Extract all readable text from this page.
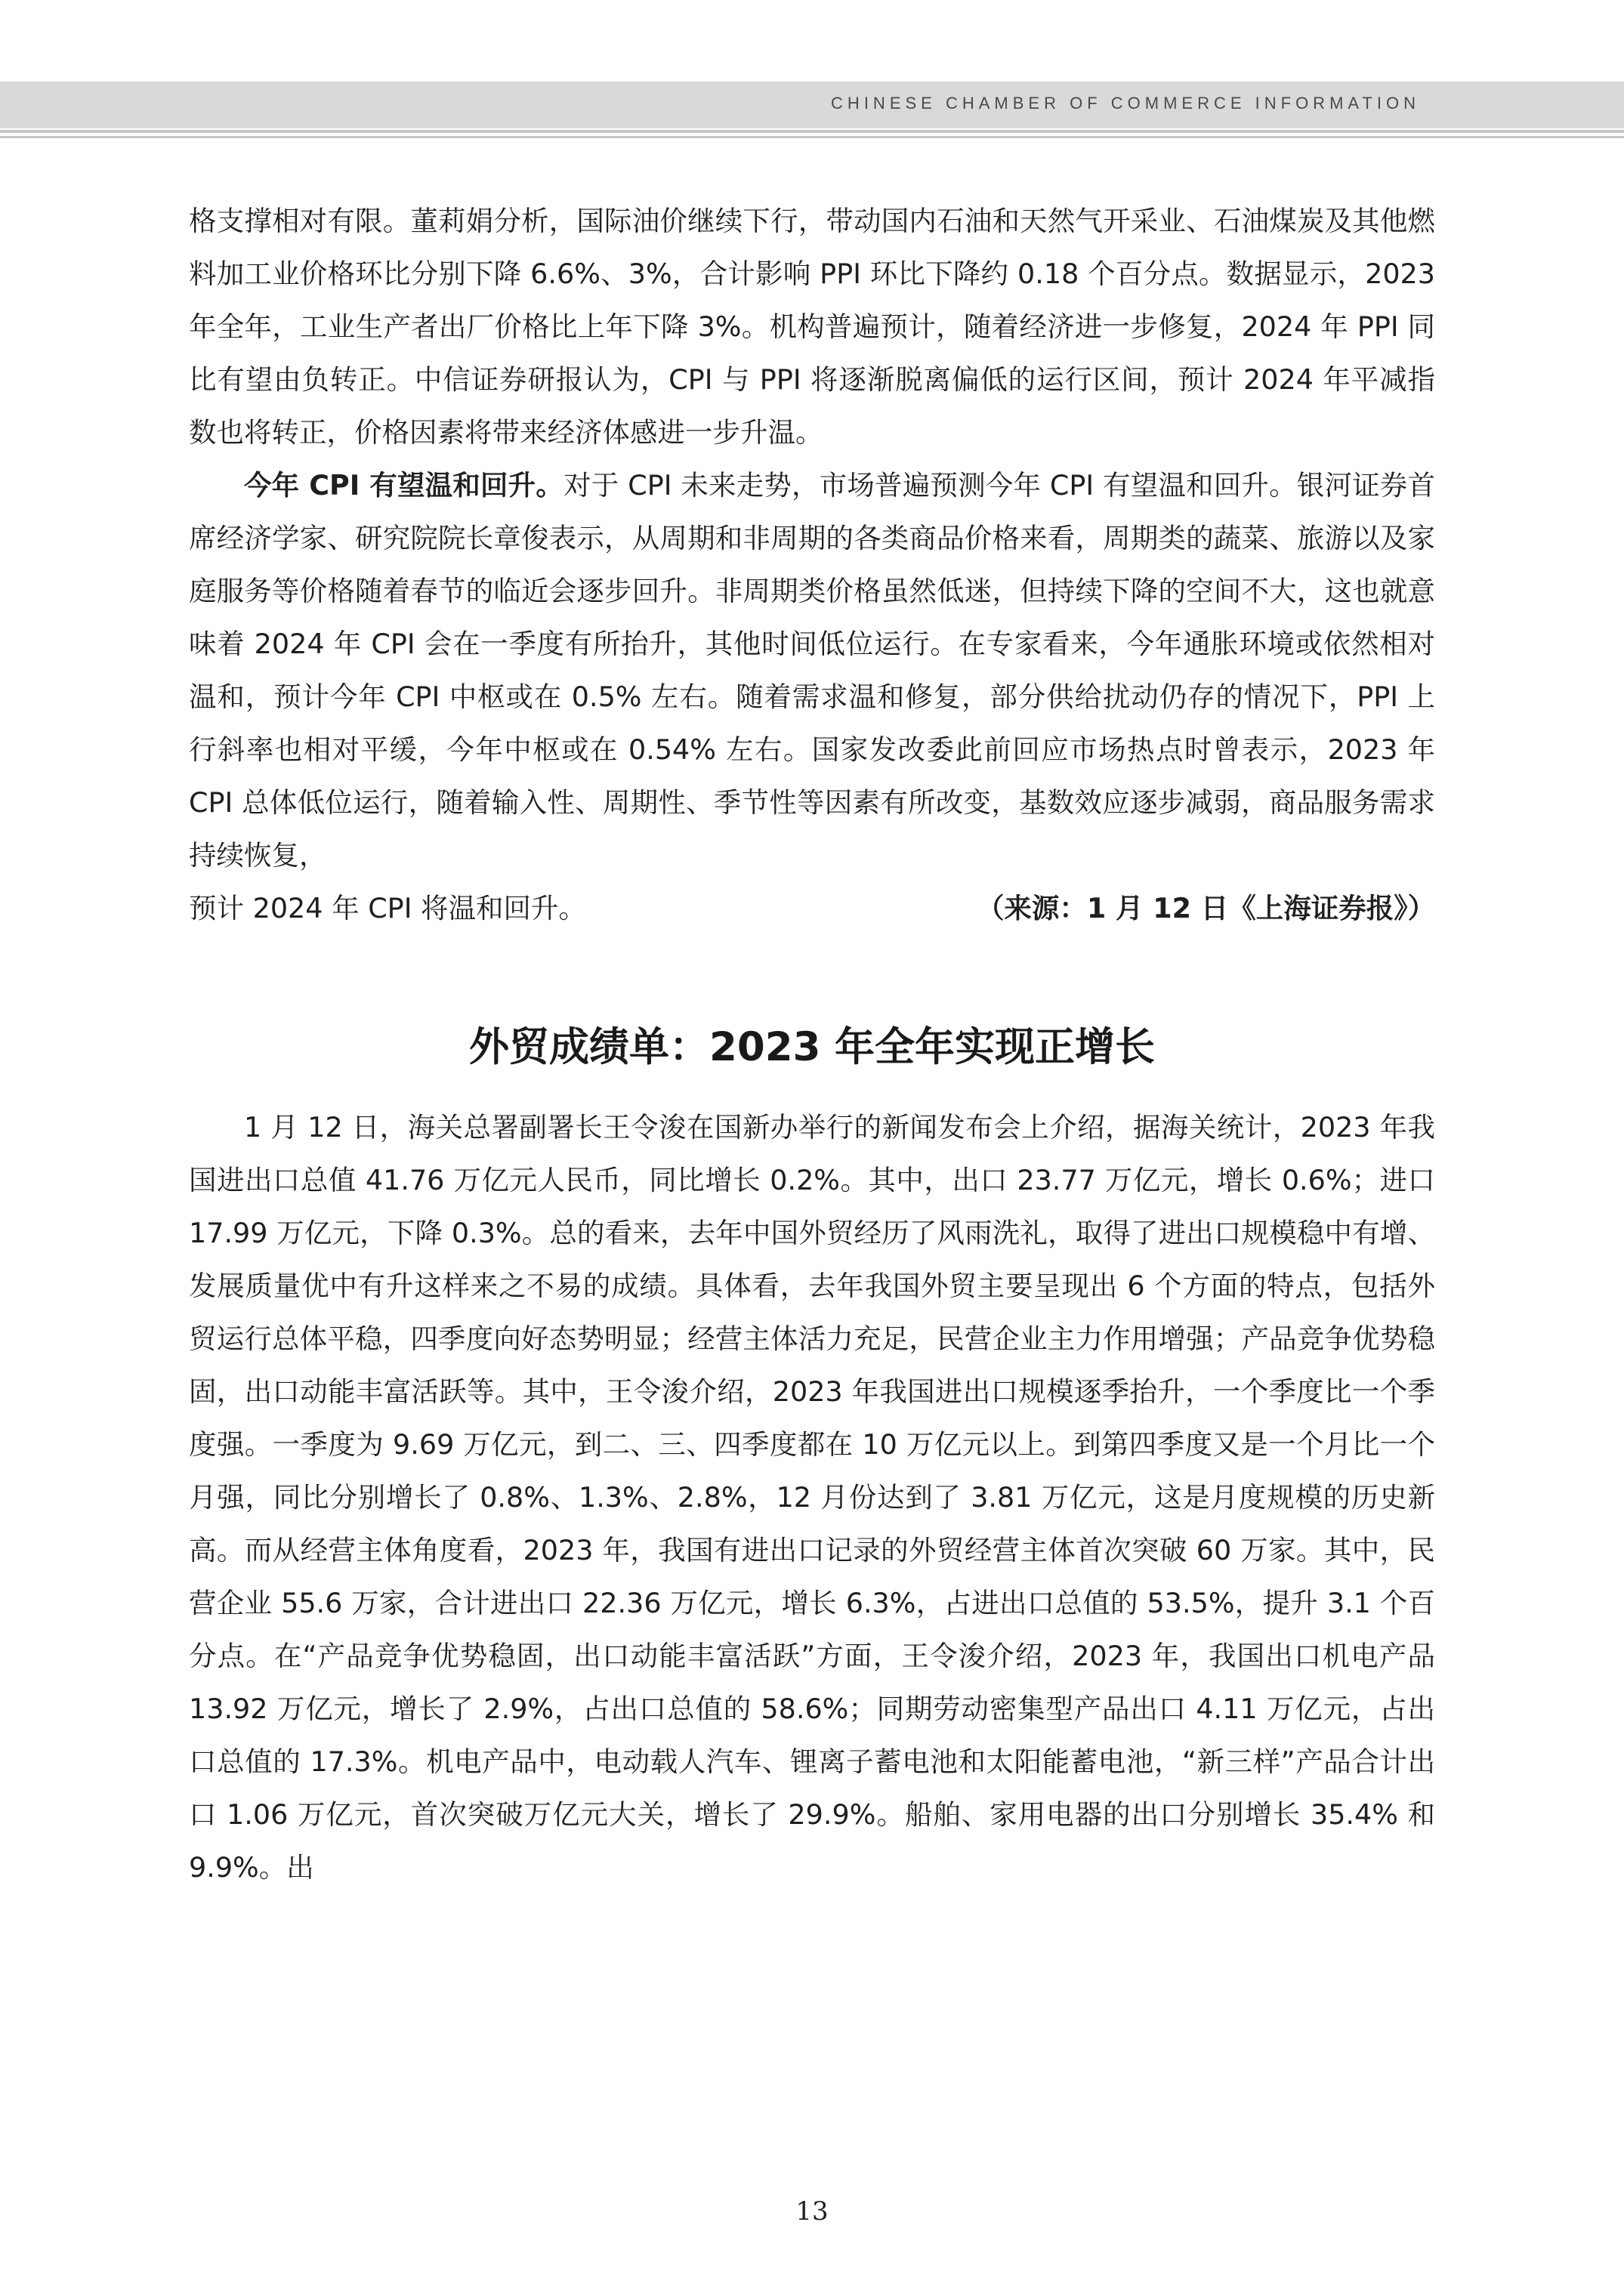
CHINESE CHAMBER OF COMMERCE INFORMATION

格支撑相对有限。董莉娟分析，国际油价继续下行，带动国内石油和天然气开采业、石油煤炭及其他燃料加工业价格环比分别下降 6.6%、3%，合计影响 PPI 环比下降约 0.18 个百分点。数据显示，2023 年全年，工业生产者出厂价格比上年下降 3%。机构普遍预计，随着经济进一步修复，2024 年 PPI 同比有望由负转正。中信证券研报认为，CPI 与 PPI 将逐渐脱离偏低的运行区间，预计 2024 年平减指数也将转正，价格因素将带来经济体感进一步升温。

今年 CPI 有望温和回升。对于 CPI 未来走势，市场普遍预测今年 CPI 有望温和回升。银河证券首席经济学家、研究院院长章俊表示，从周期和非周期的各类商品价格来看，周期类的蔬菜、旅游以及家庭服务等价格随着春节的临近会逐步回升。非周期类价格虽然低迷，但持续下降的空间不大，这也就意味着 2024 年 CPI 会在一季度有所抬升，其他时间低位运行。在专家看来，今年通胀环境或依然相对温和，预计今年 CPI 中枢或在 0.5% 左右。随着需求温和修复，部分供给扰动仍存的情况下，PPI 上行斜率也相对平缓，今年中枢或在 0.54% 左右。国家发改委此前回应市场热点时曾表示，2023 年 CPI 总体低位运行，随着输入性、周期性、季节性等因素有所改变，基数效应逐步减弱，商品服务需求持续恢复，

预计 2024 年 CPI 将温和回升。	（来源：1 月 12 日《上海证券报》）
外贸成绩单：2023 年全年实现正增长

1 月 12 日，海关总署副署长王令浚在国新办举行的新闻发布会上介绍，据海关统计，2023 年我国进出口总值 41.76 万亿元人民币，同比增长 0.2%。其中，出口 23.77 万亿元，增长 0.6%；进口 17.99 万亿元，下降 0.3%。总的看来，去年中国外贸经历了风雨洗礼，取得了进出口规模稳中有增、发展质量优中有升这样来之不易的成绩。具体看，去年我国外贸主要呈现出 6 个方面的特点，包括外贸运行总体平稳，四季度向好态势明显；经营主体活力充足，民营企业主力作用增强；产品竞争优势稳固，出口动能丰富活跃等。其中，王令浚介绍，2023 年我国进出口规模逐季抬升，一个季度比一个季度强。一季度为 9.69 万亿元，到二、三、四季度都在 10 万亿元以上。到第四季度又是一个月比一个月强，同比分别增长了 0.8%、1.3%、2.8%，12 月份达到了 3.81 万亿元，这是月度规模的历史新高。而从经营主体角度看，2023 年，我国有进出口记录的外贸经营主体首次突破 60 万家。其中，民营企业 55.6 万家，合计进出口 22.36 万亿元，增长 6.3%，占进出口总值的 53.5%，提升 3.1 个百分点。在“产品竞争优势稳固，出口动能丰富活跃”方面，王令浚介绍，2023 年，我国出口机电产品 13.92 万亿元，增长了 2.9%，占出口总值的 58.6%；同期劳动密集型产品出口 4.11 万亿元，占出口总值的 17.3%。机电产品中，电动载人汽车、锂离子蓄电池和太阳能蓄电池，“新三样”产品合计出口 1.06 万亿元，首次突破万亿元大关，增长了 29.9%。船舶、家用电器的出口分别增长 35.4% 和 9.9%。出

13
